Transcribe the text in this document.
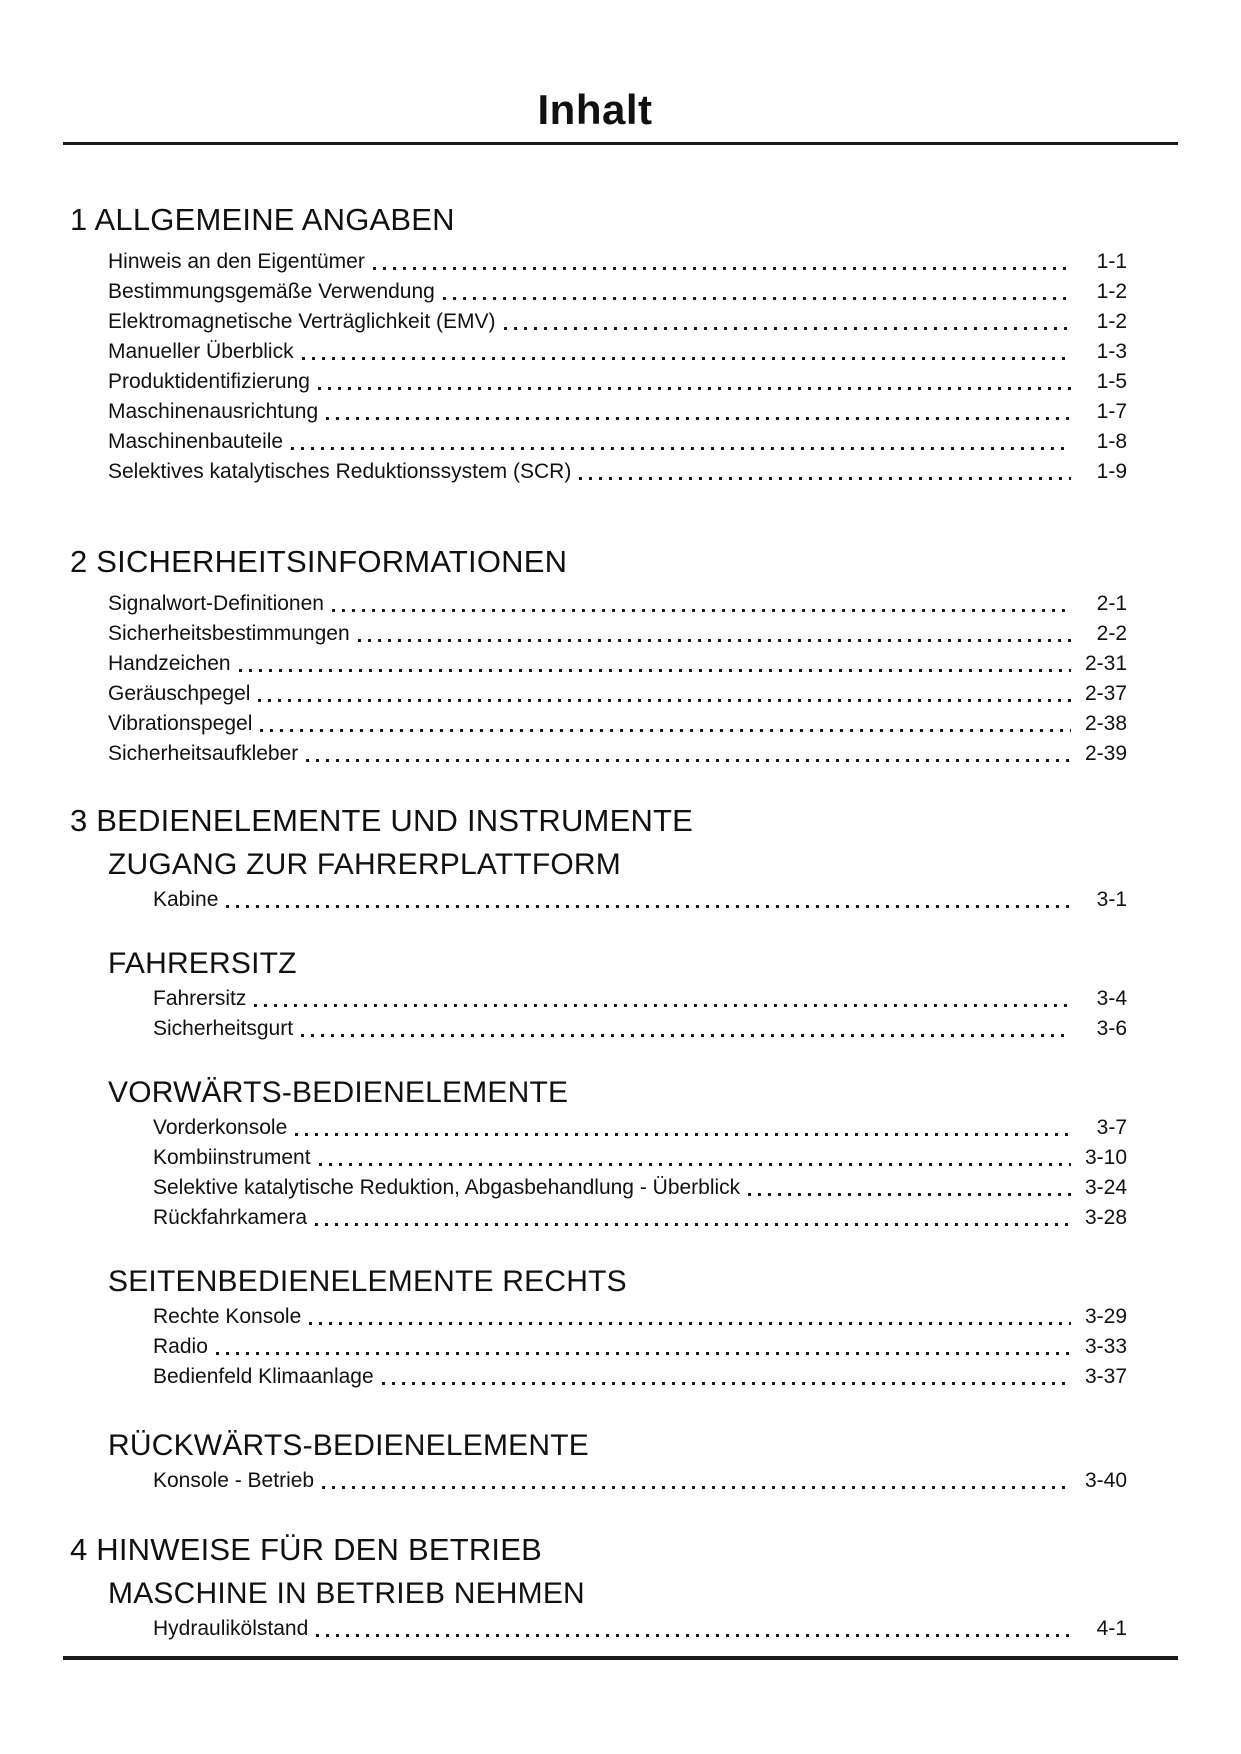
Inhalt
1 ALLGEMEINE ANGABEN
Hinweis an den Eigentümer	1-1
Bestimmungsgemäße Verwendung	1-2
Elektromagnetische Verträglichkeit (EMV)	1-2
Manueller Überblick	1-3
Produktidentifizierung	1-5
Maschinenausrichtung	1-7
Maschinenbauteile	1-8
Selektives katalytisches Reduktionssystem (SCR)	1-9
2 SICHERHEITSINFORMATIONEN
Signalwort-Definitionen	2-1
Sicherheitsbestimmungen	2-2
Handzeichen	2-31
Geräuschpegel	2-37
Vibrationspegel	2-38
Sicherheitsaufkleber	2-39
3 BEDIENELEMENTE UND INSTRUMENTE
ZUGANG ZUR FAHRERPLATTFORM
Kabine	3-1
FAHRERSITZ
Fahrersitz	3-4
Sicherheitsgurt	3-6
VORWÄRTS-BEDIENELEMENTE
Vorderkonsole	3-7
Kombiinstrument	3-10
Selektive katalytische Reduktion, Abgasbehandlung - Überblick	3-24
Rückfahrkamera	3-28
SEITENBEDIENELEMENTE RECHTS
Rechte Konsole	3-29
Radio	3-33
Bedienfeld Klimaanlage	3-37
RÜCKWÄRTS-BEDIENELEMENTE
Konsole - Betrieb	3-40
4 HINWEISE FÜR DEN BETRIEB
MASCHINE IN BETRIEB NEHMEN
Hydraulikölstand	4-1
